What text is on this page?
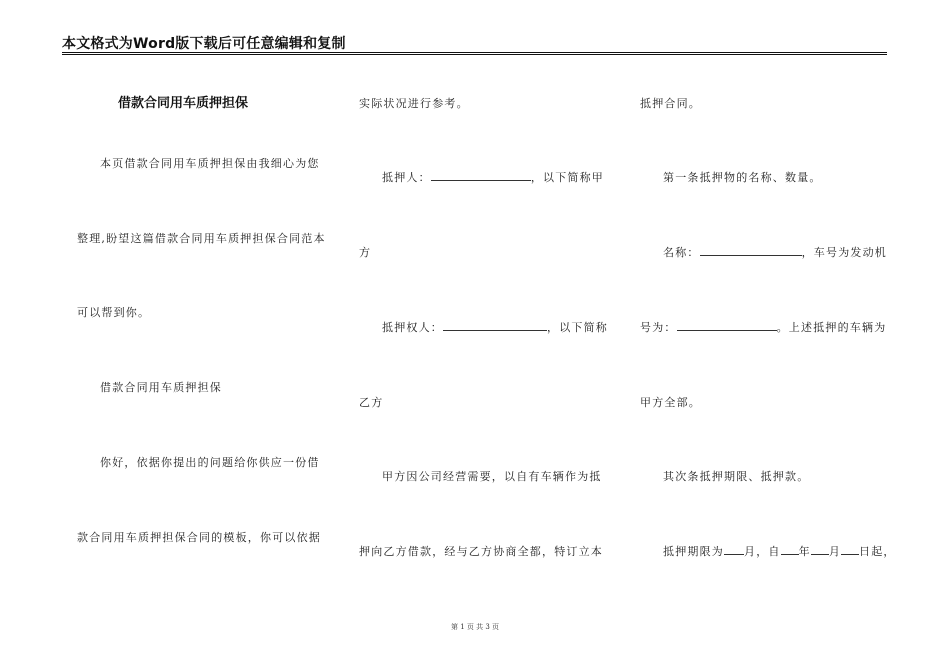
本文格式为Word版下载后可任意编辑和复制
借款合同用车质押担保
本页借款合同用车质押担保由我细心为您
整理,盼望这篇借款合同用车质押担保合同范本
可以帮到你。
借款合同用车质押担保
你好，依据你提出的问题给你供应一份借
款合同用车质押担保合同的模板，你可以依据
实际状况进行参考。
抵押人：	，以下简称甲
方
抵押权人：	，以下简称
乙方
甲方因公司经营需要，以自有车辆作为抵
押向乙方借款，经与乙方协商全都，特订立本
抵押合同。
第一条抵押物的名称、数量。
名称：	，车号为发动机
号为：	。上述抵押的车辆为
甲方全部。
其次条抵押期限、抵押款。
抵押期限为 月，自 年 月 日起，
第 1 页 共 3 页
